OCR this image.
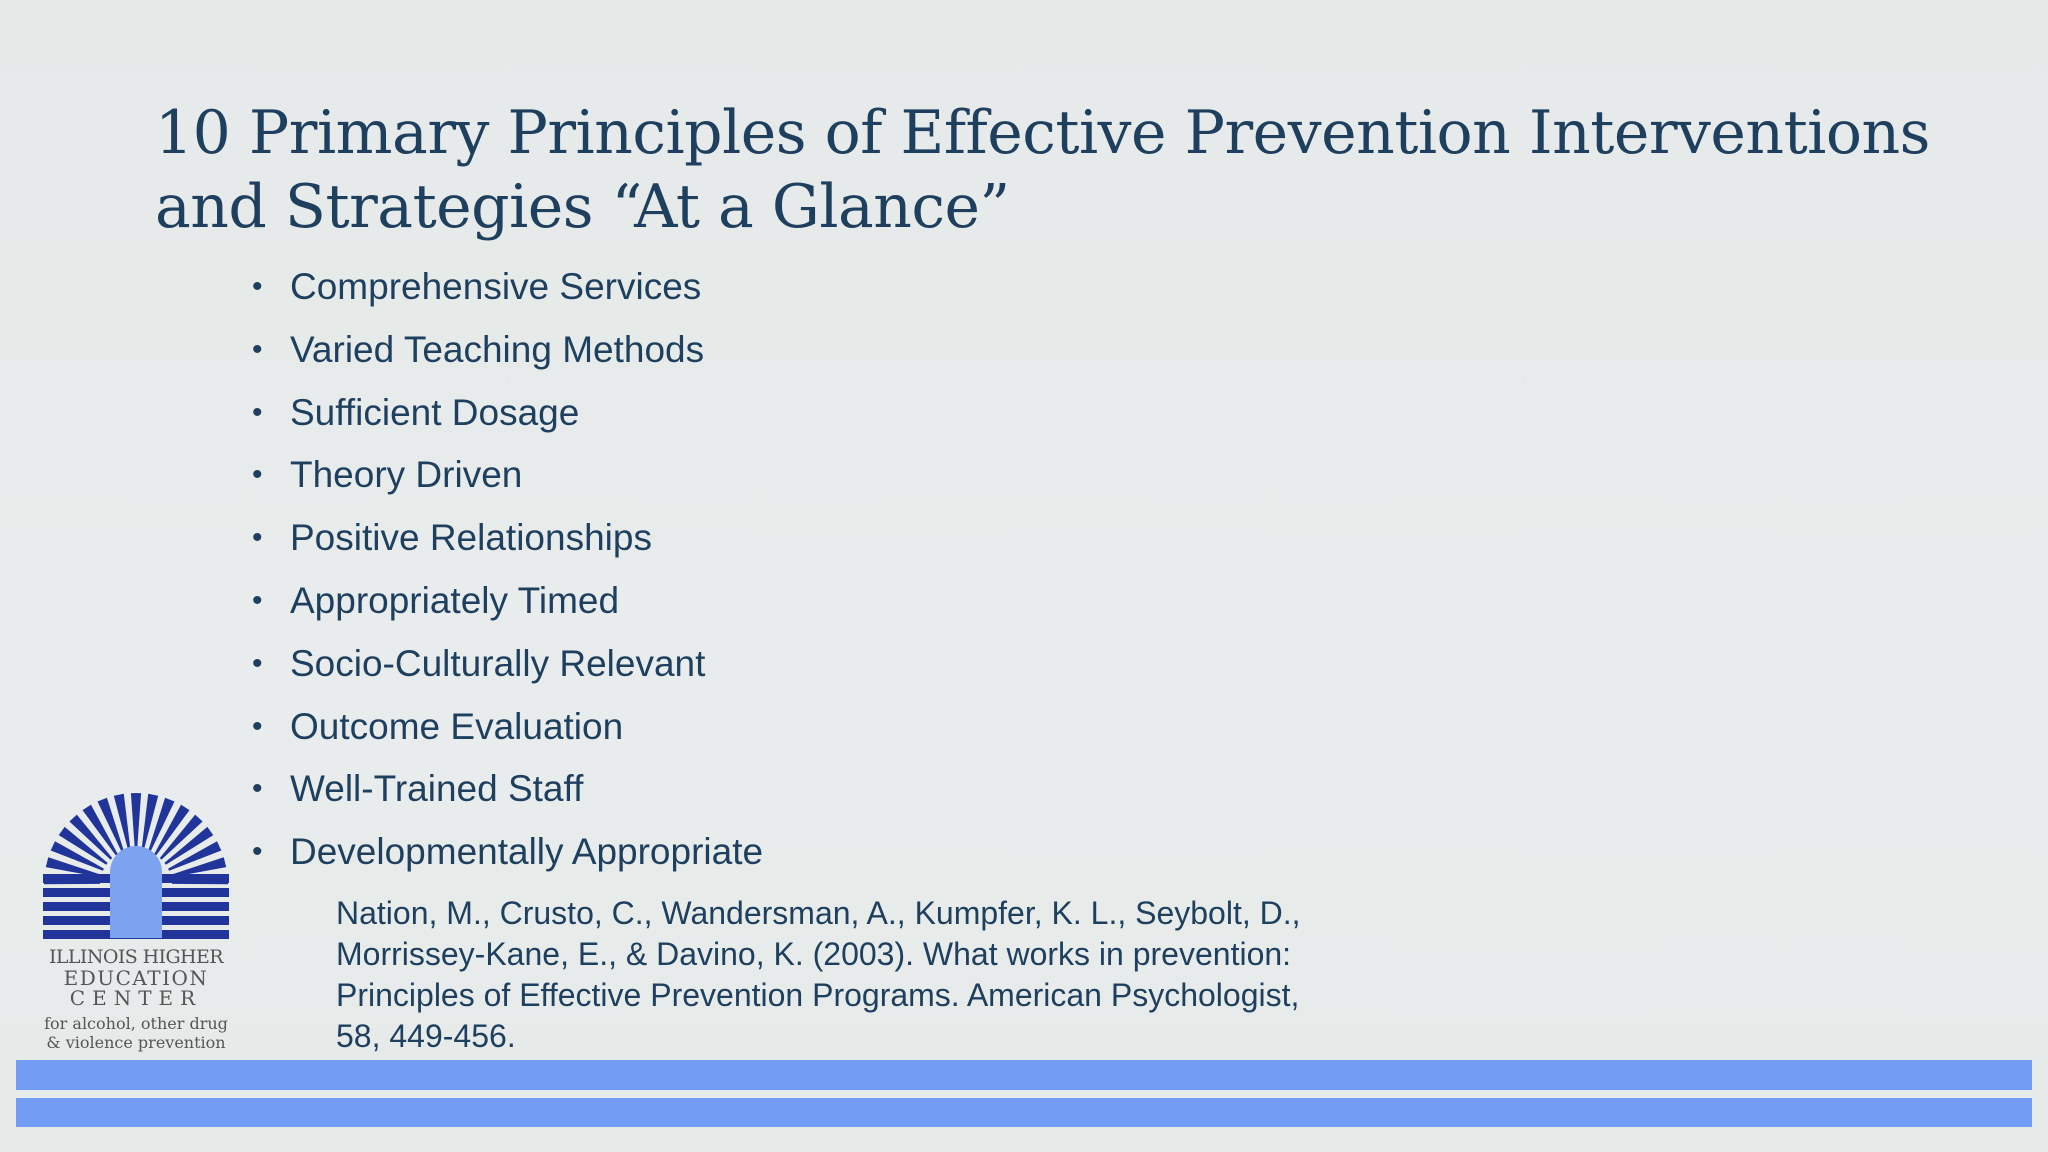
10 Primary Principles of Effective Prevention Interventions
and Strategies “At a Glance”
• Comprehensive Services
• Varied Teaching Methods
• Sufficient Dosage
• Theory Driven
• Positive Relationships
• Appropriately Timed
• Socio-Culturally Relevant
• Outcome Evaluation
• Well-Trained Staff
• Developmentally Appropriate
Nation, M., Crusto, C., Wandersman, A., Kumpfer, K. L., Seybolt, D.,
Morrissey-Kane, E., & Davino, K. (2003). What works in prevention:
Principles of Effective Prevention Programs. American Psychologist,
58, 449-456.
ILLINOIS HIGHER
EDUCATION
CENTER
for alcohol, other drug
& violence prevention
